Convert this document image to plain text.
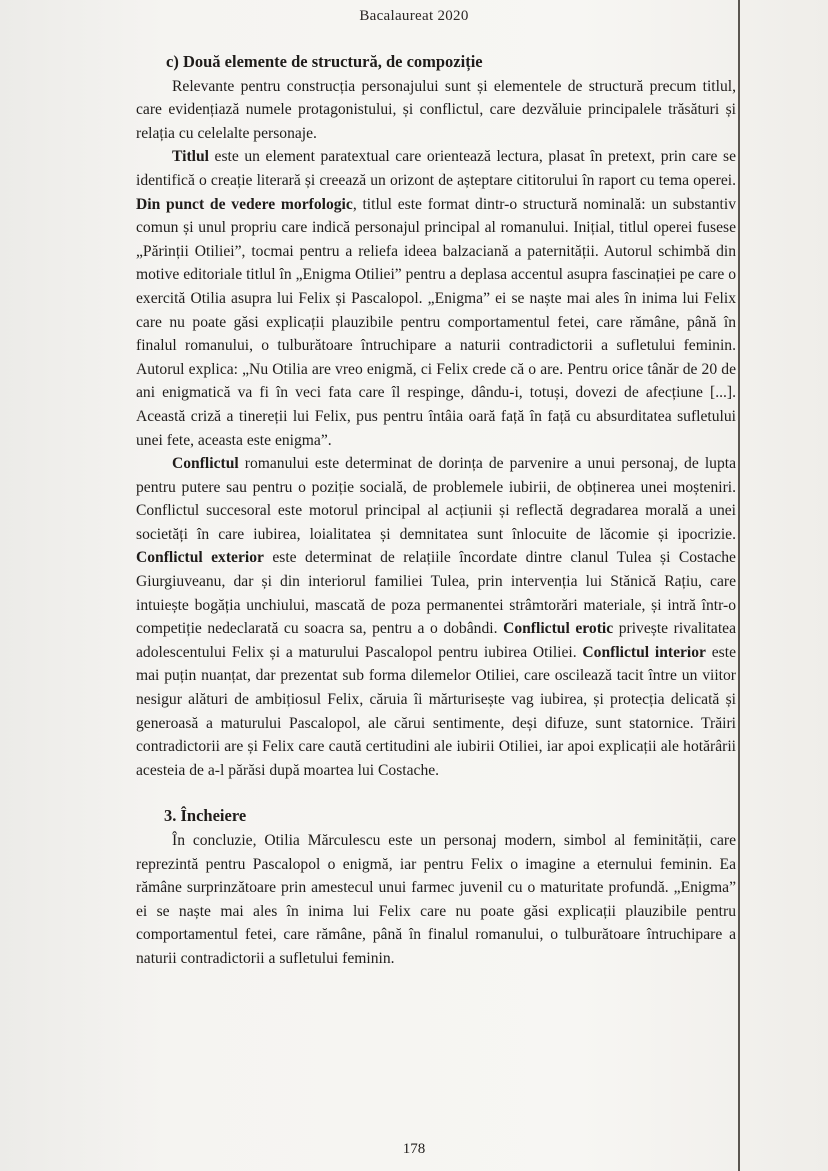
Bacalaureat 2020
c) Două elemente de structură, de compoziție

Relevante pentru construcția personajului sunt și elementele de structură precum titlul, care evidențiază numele protagonistului, și conflictul, care dezvăluie principalele trăsături și relația cu celelalte personaje.

Titlul este un element paratextual care orientează lectura, plasat în pretext, prin care se identifică o creație literară și creează un orizont de așteptare cititorului în raport cu tema operei. Din punct de vedere morfologic, titlul este format dintr-o structură nominală: un substantiv comun și unul propriu care indică personajul principal al romanului. Inițial, titlul operei fusese „Părinții Otiliei”, tocmai pentru a reliefa ideea balzaciană a paternității. Autorul schimbă din motive editoriale titlul în „Enigma Otiliei” pentru a deplasa accentul asupra fascinației pe care o exercită Otilia asupra lui Felix și Pascalopol. „Enigma” ei se naște mai ales în inima lui Felix care nu poate găsi explicații plauzibile pentru comportamentul fetei, care rămâne, până în finalul romanului, o tulburătoare întruchipare a naturii contradictorii a sufletului feminin. Autorul explica: „Nu Otilia are vreo enigmă, ci Felix crede că o are. Pentru orice tânăr de 20 de ani enigmatică va fi în veci fata care îl respinge, dându-i, totuși, dovezi de afecțiune [...]. Această criză a tinereții lui Felix, pus pentru întâia oară față în față cu absurditatea sufletului unei fete, aceasta este enigma”.

Conflictul romanului este determinat de dorința de parvenire a unui personaj, de lupta pentru putere sau pentru o poziție socială, de problemele iubirii, de obținerea unei moșteniri. Conflictul succesoral este motorul principal al acțiunii și reflectă degradarea morală a unei societăți în care iubirea, loialitatea și demnitatea sunt înlocuite de lăcomie și ipocrizie. Conflictul exterior este determinat de relațiile încordate dintre clanul Tulea și Costache Giurgiuveanu, dar și din interiorul familiei Tulea, prin intervenția lui Stănică Rațiu, care intuiește bogăția unchiului, mascată de poza permanentei strâmtorări materiale, și intră într-o competiție nedeclarată cu soacra sa, pentru a o dobândi. Conflictul erotic privește rivalitatea adolescentului Felix și a maturului Pascalopol pentru iubirea Otiliei. Conflictul interior este mai puțin nuanțat, dar prezentat sub forma dilemelor Otiliei, care oscilează tacit între un viitor nesigur alături de ambițiosul Felix, căruia îi mărturisește vag iubirea, și protecția delicată și generoasă a maturului Pascalopol, ale cărui sentimente, deși difuze, sunt statornice. Trăiri contradictorii are și Felix care caută certitudini ale iubirii Otiliei, iar apoi explicații ale hotărârii acesteia de a-l părăsi după moartea lui Costache.

3. Încheiere

În concluzie, Otilia Mărculescu este un personaj modern, simbol al feminității, care reprezintă pentru Pascalopol o enigmă, iar pentru Felix o imagine a eternului feminin. Ea rămâne surprinzătoare prin amestecul unui farmec juvenil cu o maturitate profundă. „Enigma” ei se naște mai ales în inima lui Felix care nu poate găsi explicații plauzibile pentru comportamentul fetei, care rămâne, până în finalul romanului, o tulburătoare întruchipare a naturii contradictorii a sufletului feminin.

178
